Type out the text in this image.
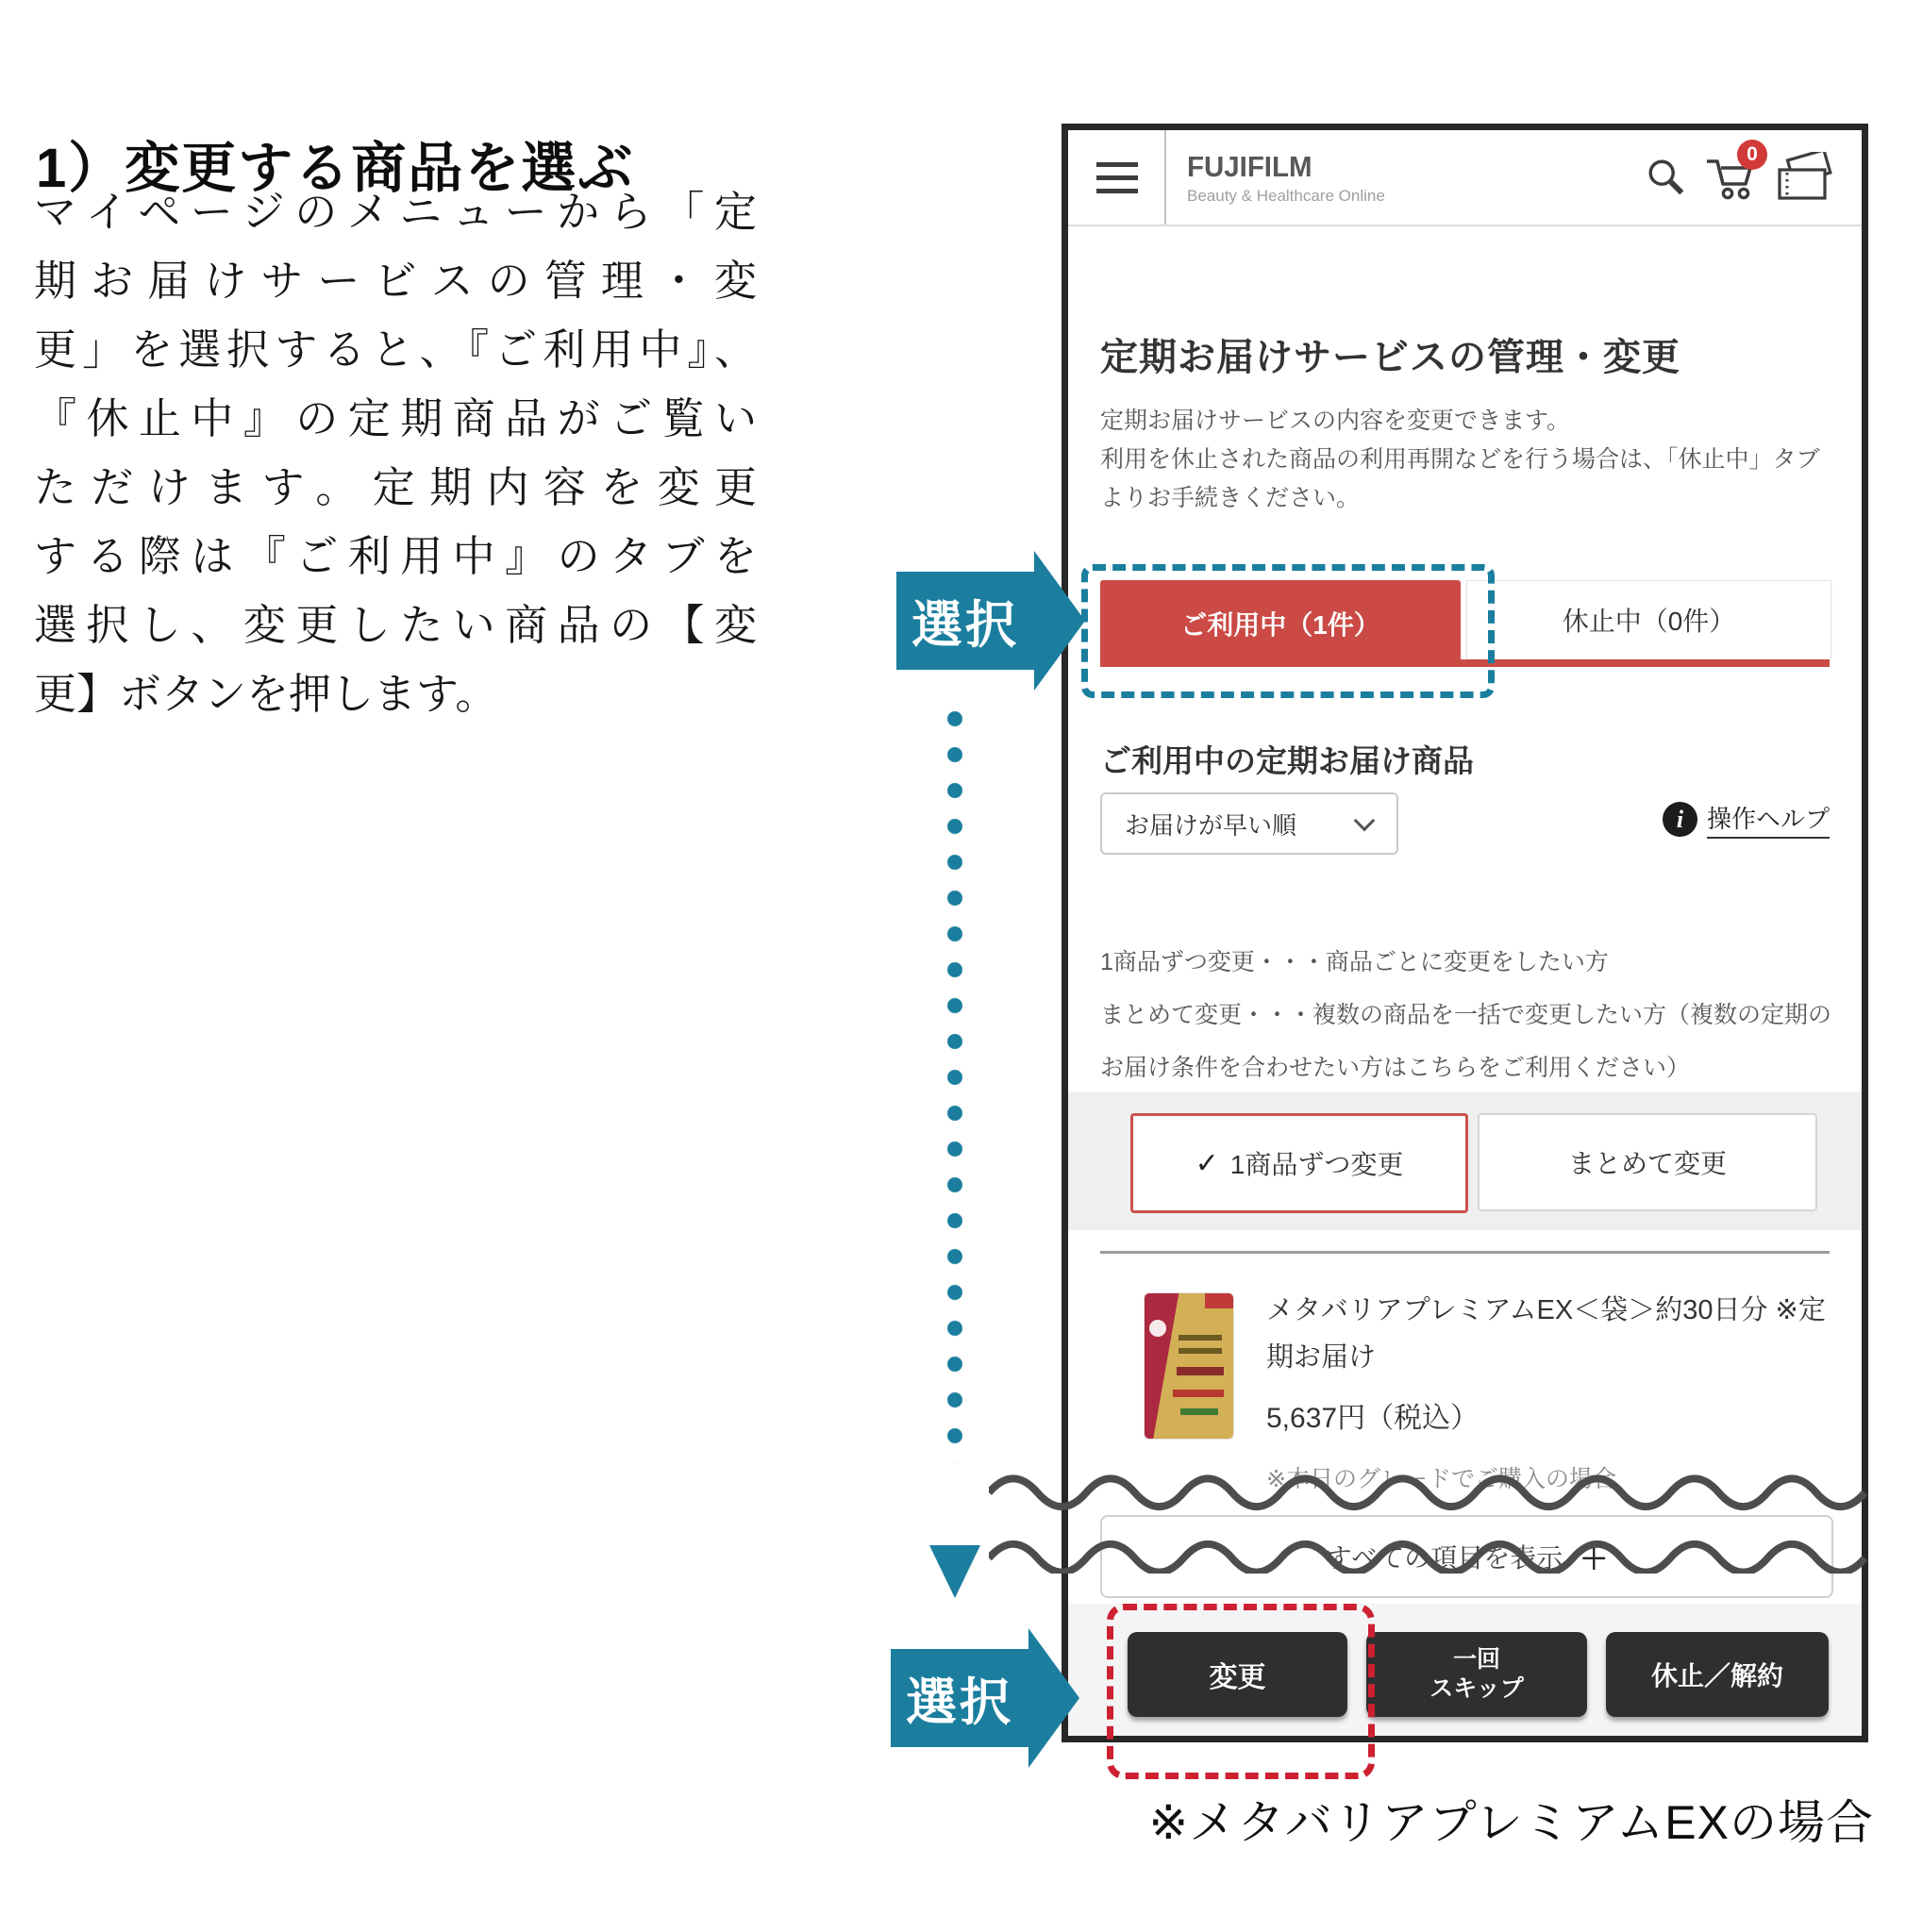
1）変更する商品を選ぶ
マイページのメニューから「定
期お届けサービスの管理・変
更」を選択すると、『ご利用中』、
『休止中』の定期商品がご覧い
ただけます。定期内容を変更
する際は『ご利用中』のタブを
選択し、変更したい商品の【変
更】ボタンを押します。
FUJIFILM
Beauty & Healthcare Online
0
定期お届けサービスの管理・変更
定期お届けサービスの内容を変更できます。
利用を休止された商品の利用再開などを行う場合は、「休止中」タブ
よりお手続きください。
ご利用中（1件）	休止中（0件）
ご利用中の定期お届け商品
お届けが早い順	i 操作ヘルプ
1商品ずつ変更・・・商品ごとに変更をしたい方
まとめて変更・・・複数の商品を一括で変更したい方（複数の定期の
お届け条件を合わせたい方はこちらをご利用ください）
✓ 1商品ずつ変更	まとめて変更
メタバリアプレミアムEX＜袋＞約30日分 ※定
期お届け
5,637円（税込）
※本日のグレードでご購入の場合
すべての項目を表示 ＋
変更
一回
スキップ	休止／解約
選択
選択
※メタバリアプレミアムEXの場合
